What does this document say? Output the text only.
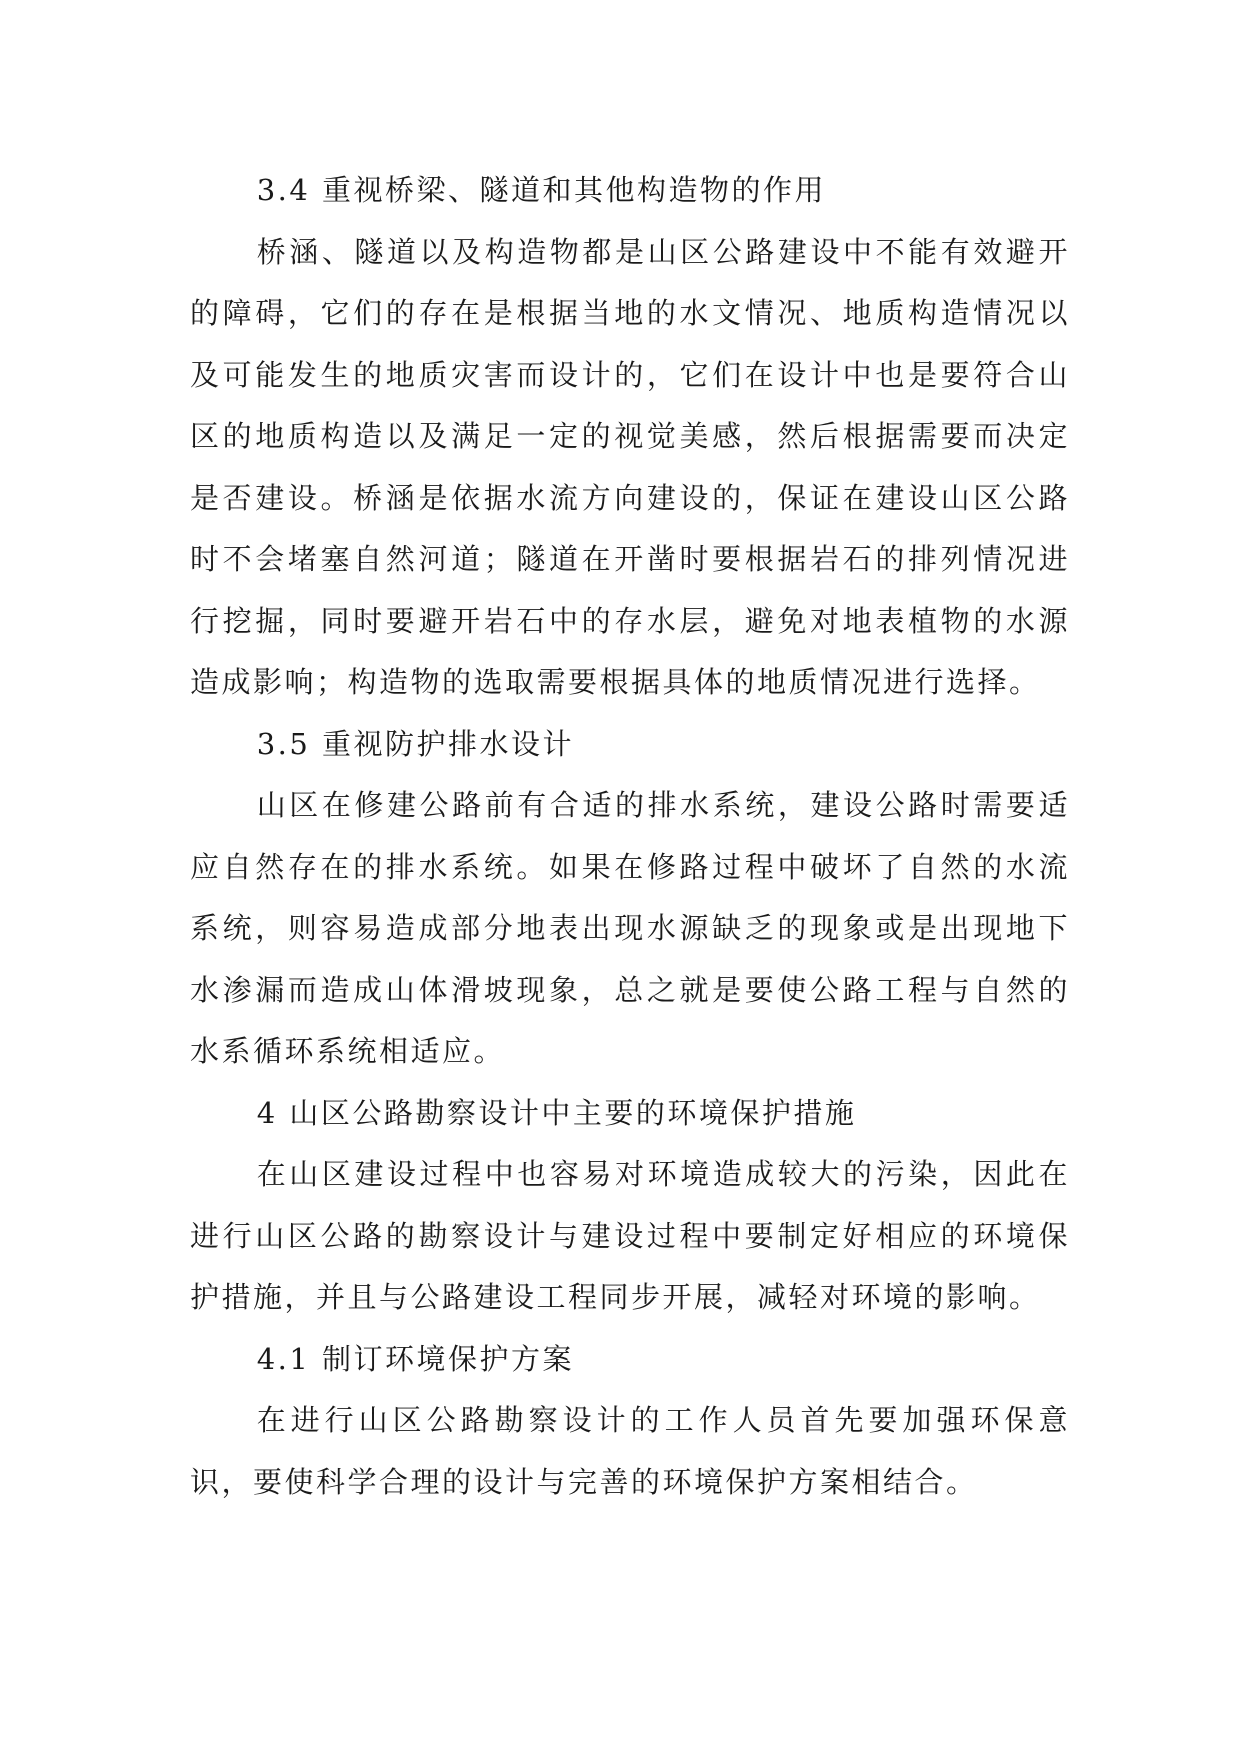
3.4 重视桥梁、隧道和其他构造物的作用

桥涵、隧道以及构造物都是山区公路建设中不能有效避开的障碍，它们的存在是根据当地的水文情况、地质构造情况以及可能发生的地质灾害而设计的，它们在设计中也是要符合山区的地质构造以及满足一定的视觉美感，然后根据需要而决定是否建设。桥涵是依据水流方向建设的，保证在建设山区公路时不会堵塞自然河道；隧道在开凿时要根据岩石的排列情况进行挖掘，同时要避开岩石中的存水层，避免对地表植物的水源造成影响；构造物的选取需要根据具体的地质情况进行选择。

3.5 重视防护排水设计

山区在修建公路前有合适的排水系统，建设公路时需要适应自然存在的排水系统。如果在修路过程中破坏了自然的水流系统，则容易造成部分地表出现水源缺乏的现象或是出现地下水渗漏而造成山体滑坡现象，总之就是要使公路工程与自然的水系循环系统相适应。

4 山区公路勘察设计中主要的环境保护措施

在山区建设过程中也容易对环境造成较大的污染，因此在进行山区公路的勘察设计与建设过程中要制定好相应的环境保护措施，并且与公路建设工程同步开展，减轻对环境的影响。

4.1 制订环境保护方案

在进行山区公路勘察设计的工作人员首先要加强环保意识，要使科学合理的设计与完善的环境保护方案相结合。
